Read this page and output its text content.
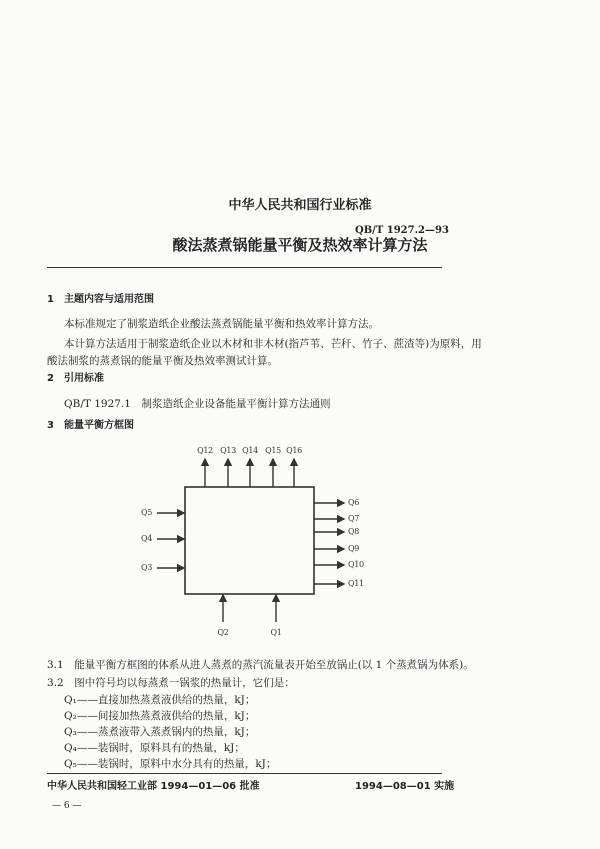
中华人民共和国行业标准
QB/T 1927.2—93
酸法蒸煮锅能量平衡及热效率计算方法
1　主题内容与适用范围
本标准规定了制浆造纸企业酸法蒸煮锅能量平衡和热效率计算方法。
本计算方法适用于制浆造纸企业以木材和非木材(指芦苇、芒秆、竹子、蔗渣等)为原料，用
酸法制浆的蒸煮锅的能量平衡及热效率测试计算。
2　引用标准
QB/T 1927.1　制浆造纸企业设备能量平衡计算方法通则
3　能量平衡方框图
Q12 Q13 Q14 Q15 Q16
Q6
Q7
Q8
Q9
Q10
Q11
Q5
Q4
Q3
Q2	Q1
3.1　能量平衡方框图的体系从进人蒸煮的蒸汽流量表开始至放锅止(以 1 个蒸煮锅为体系)。
3.2　图中符号均以每蒸煮一锅浆的热量计，它们是：
Q₁——直接加热蒸煮液供给的热量，kJ；
Q₂——间接加热蒸煮液供给的热量，kJ；
Q₃——蒸煮液带入蒸煮锅内的热量，kJ；
Q₄——装锅时，原料具有的热量，kJ；
Q₅——装锅时，原料中水分具有的热量，kJ；
中华人民共和国轻工业部 1994—01—06 批准	1994—08—01 实施
— 6 —
